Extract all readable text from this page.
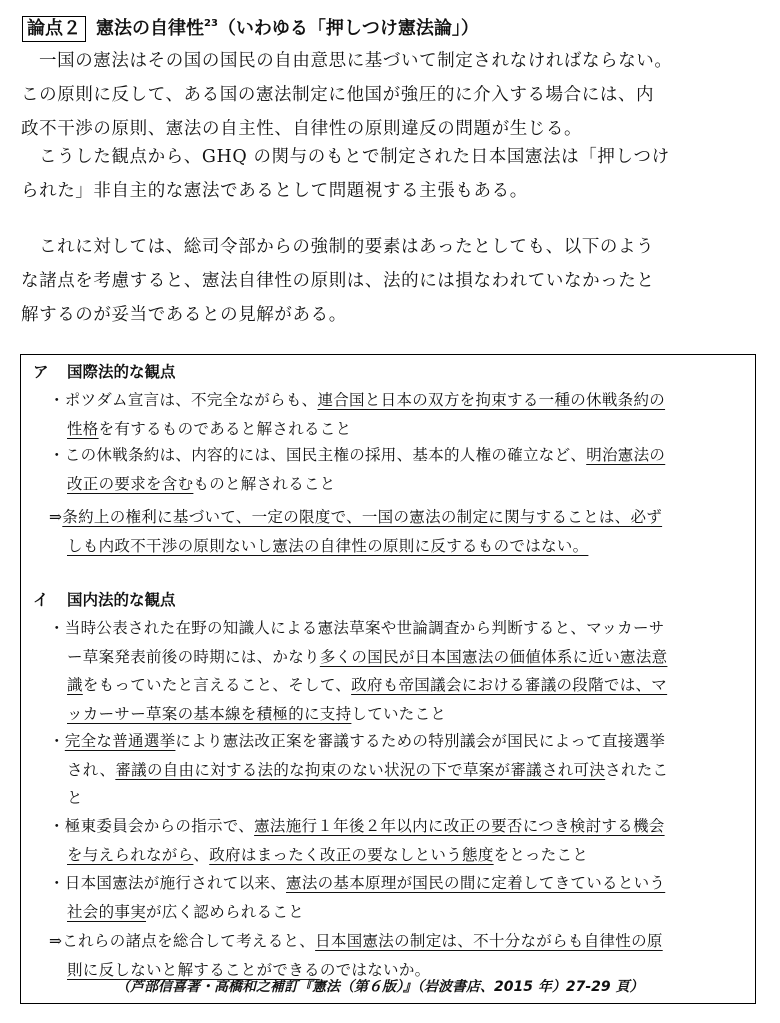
論点２ 憲法の自律性$^{23}$（いわゆる「押しつけ憲法論」）
一国の憲法はその国の国民の自由意思に基づいて制定されなければならない。
この原則に反して、ある国の憲法制定に他国が強圧的に介入する場合には、内
政不干渉の原則、憲法の自主性、自律性の原則違反の問題が生じる。
こうした観点から、GHQ の関与のもとで制定された日本国憲法は「押しつけ
られた」非自主的な憲法であるとして問題視する主張もある。
これに対しては、総司令部からの強制的要素はあったとしても、以下のよう
な諸点を考慮すると、憲法自律性の原則は、法的には損なわれていなかったと
解するのが妥当であるとの見解がある。
ア 国際法的な観点
・ポツダム宣言は、不完全ながらも、連合国と日本の双方を拘束する一種の休戦条約の
性格を有するものであると解されること
・この休戦条約は、内容的には、国民主権の採用、基本的人権の確立など、明治憲法の
改正の要求を含むものと解されること
⇒条約上の権利に基づいて、一定の限度で、一国の憲法の制定に関与することは、必ず
しも内政不干渉の原則ないし憲法の自律性の原則に反するものではない。
イ 国内法的な観点
・当時公表された在野の知識人による憲法草案や世論調査から判断すると、マッカーサ
ー草案発表前後の時期には、かなり多くの国民が日本国憲法の価値体系に近い憲法意
識をもっていたと言えること、そして、政府も帝国議会における審議の段階では、マ
ッカーサー草案の基本線を積極的に支持していたこと
・完全な普通選挙により憲法改正案を審議するための特別議会が国民によって直接選挙
され、審議の自由に対する法的な拘束のない状況の下で草案が審議され可決されたこ
と
・極東委員会からの指示で、憲法施行１年後２年以内に改正の要否につき検討する機会
を与えられながら、政府はまったく改正の要なしという態度をとったこと
・日本国憲法が施行されて以来、憲法の基本原理が国民の間に定着してきているという
社会的事実が広く認められること
⇒これらの諸点を総合して考えると、日本国憲法の制定は、不十分ながらも自律性の原
則に反しないと解することができるのではないか。
（芦部信喜著・高橋和之補訂『憲法（第６版）』（岩波書店、2015 年）27-29 頁）
